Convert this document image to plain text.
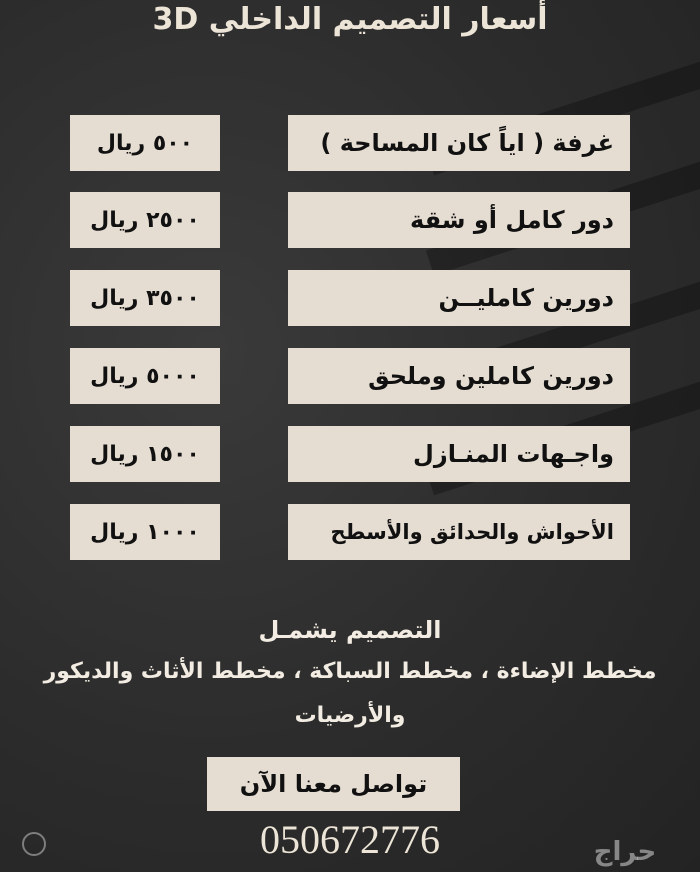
أسعار التصميم الداخلي 3D
غرفة ( اياً كان المساحة )
٥٠٠ ريال
دور كامل أو شقة
٢٥٠٠ ريال
دورين كامليــن
٣٥٠٠ ريال
دورين كاملين وملحق
٥٠٠٠ ريال
واجـهات المنـازل
١٥٠٠ ريال
الأحواش والحدائق والأسطح
١٠٠٠ ريال
التصميم يشمـل
مخطط الإضاءة ، مخطط السباكة ، مخطط الأثاث والديكور
والأرضيات
تواصل معنا الآن
050672776	حراج
